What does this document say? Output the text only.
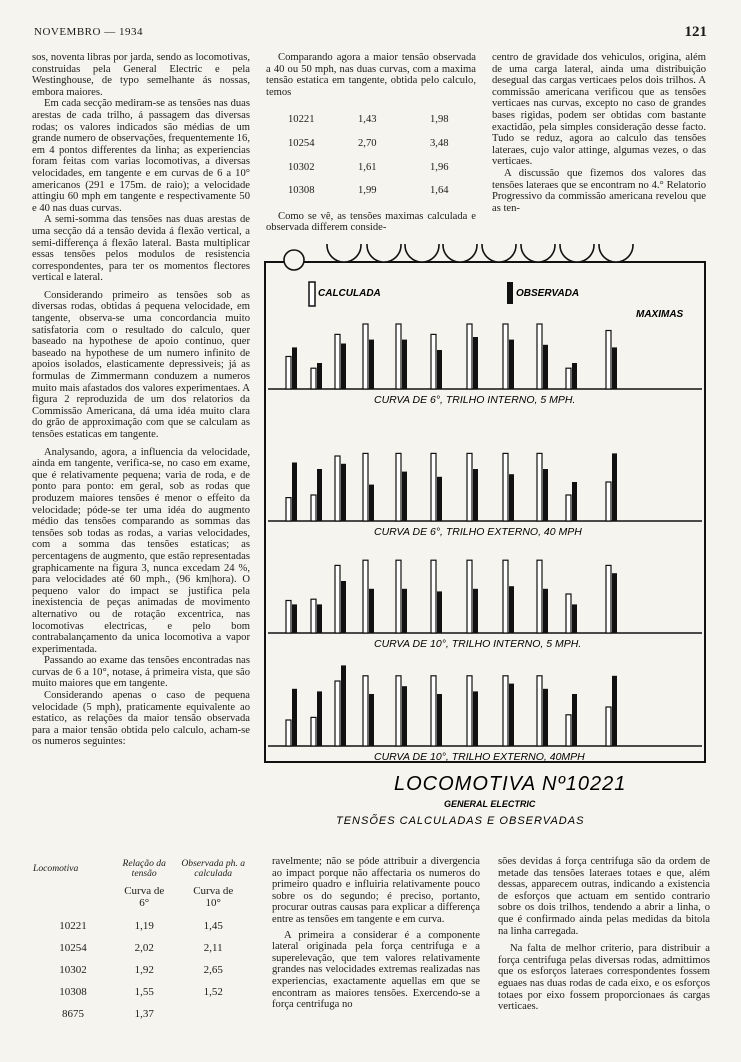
NOVEMBRO — 1934	121

sos, noventa libras por jarda, sendo as locomotivas, construidas pela General Electric e pela Westinghouse, de typo semelhante ás nossas, embora maiores.

Em cada secção mediram-se as tensões nas duas arestas de cada trilho, á passagem das diversas rodas; os valores indicados são médias de um grande numero de observações, frequentemente 16, em 4 pontos differentes da linha; as experiencias foram feitas com varias locomotivas, a diversas velocidades, em tangente e em curvas de 6 a 10° americanos (291 e 175m. de raio); a velocidade attingiu 60 mph em tangente e respectivamente 50 e 40 nas duas curvas.

A semi-somma das tensões nas duas arestas de uma secção dá a tensão devida á flexão vertical, a semi-differença á flexão lateral. Basta multiplicar essas tensões pelos modulos de resistencia correspondentes, para ter os momentos flectores vertical e lateral.

Considerando primeiro as tensões sob as diversas rodas, obtidas á pequena velocidade, em tangente, observa-se uma concordancia muito satisfatoria com o resultado do calculo, quer baseado na hypothese de apoio continuo, quer baseado na hypothese de um numero infinito de apoios isolados, elasticamente depressiveis; já as formulas de Zimmermann conduzem a numeros muito mais afastados dos valores experimentaes. A figura 2 reproduzida de um dos relatorios da Commissão Americana, dá uma idéa muito clara do grão de approximação com que se calculam as tensões estaticas em tangente.

Analysando, agora, a influencia da velocidade, ainda em tangente, verifica-se, no caso em exame, que é relativamente pequena; varia de roda, e de ponto para ponto: em geral, sob as rodas que produzem maiores tensões é menor o effeito da velocidade; póde-se ter uma idéa do augmento médio das tensões comparando as sommas das tensões sob todas as rodas, a varias velocidades, com a somma das tensões estaticas; as percentagens de augmento, que estão representadas graphicamente na figura 3, nunca excedam 24 %, para velocidades até 60 mph., (96 km|hora). O pequeno valor do impact se justifica pela inexistencia de peças animadas de movimento alternativo ou de rotação excentrica, nas locomotivas electricas, e pelo bom contrabalançamento da unica locomotiva a vapor experimentada.

Passando ao exame das tensões encontradas nas curvas de 6 a 10°, notase, á primeira vista, que são muito maiores que em tangente.

Considerando apenas o caso de pequena velocidade (5 mph), praticamente equivalente ao estatico, as relações da maior tensão observada para a maior tensão obtida pelo calculo, acham-se os numeros seguintes:

Comparando agora a maior tensão observada a 40 ou 50 mph, nas duas curvas, com a maxima tensão estatica em tangente, obtida pelo calculo, temos

10221	1,43	1,98
10254	2,70	3,48
10302	1,61	1,96
10308	1,99	1,64

Como se vê, as tensões maximas calculada e observada differem conside-

centro de gravidade dos vehiculos, origina, além de uma carga lateral, ainda uma distribuição desegual das cargas verticaes pelos dois trilhos. A commissão americana verificou que as tensões verticaes nas curvas, excepto no caso de grandes bases rigidas, podem ser obtidas com bastante exactidão, pela simples consideração desse facto. Tudo se reduz, agora ao calculo das tensões lateraes, cujo valor attinge, algumas vezes, o das verticaes.

A discussão que fizemos dos valores das tensões lateraes que se encontram no 4.° Relatorio Progressivo da commissão americana revelou que as ten-

CALCULADA	OBSERVADA
MAXIMAS
CURVA DE 6°, TRILHO INTERNO, 5 MPH.
CURVA DE 6°, TRILHO EXTERNO, 40 MPH
CURVA DE 10°, TRILHO INTERNO, 5 MPH.
CURVA DE 10°, TRILHO EXTERNO, 40MPH
LOCOMOTIVA Nº10221
GENERAL ELECTRIC
TENSÕES CALCULADAS E OBSERVADAS
Locomotiva	Relação da tensão	Observada ph. a calculada
	Curva de 6°	Curva de 10°
10221	1,19	1,45
10254	2,02	2,11
10302	1,92	2,65
10308	1,55	1,52
8675	1,37	

ravelmente; não se póde attribuir a divergencia ao impact porque não affectaria os numeros do primeiro quadro e influiria relativamente pouco sobre os do segundo; é preciso, portanto, procurar outras causas para explicar a differença entre as tensões em tangente e em curva.

A primeira a considerar é a componente lateral originada pela força centrifuga e a superelevação, que tem valores relativamente grandes nas velocidades extremas realizadas nas experiencias, exactamente aquellas em que se encontram as maiores tensões. Exercendo-se a força centrifuga no

sões devidas á força centrifuga são da ordem de metade das tensões lateraes totaes e que, além dessas, apparecem outras, indicando a existencia de esforços que actuam em sentido contrario sobre os dois trilhos, tendendo a abrir a linha, o que é confirmado ainda pelas medidas da bitola na linha carregada.

Na falta de melhor criterio, para distribuir a força centrifuga pelas diversas rodas, admittimos que os esforços lateraes correspondentes fossem eguaes nas duas rodas de cada eixo, e os esforços totaes por eixo fossem proporcionaes ás cargas verticaes.
